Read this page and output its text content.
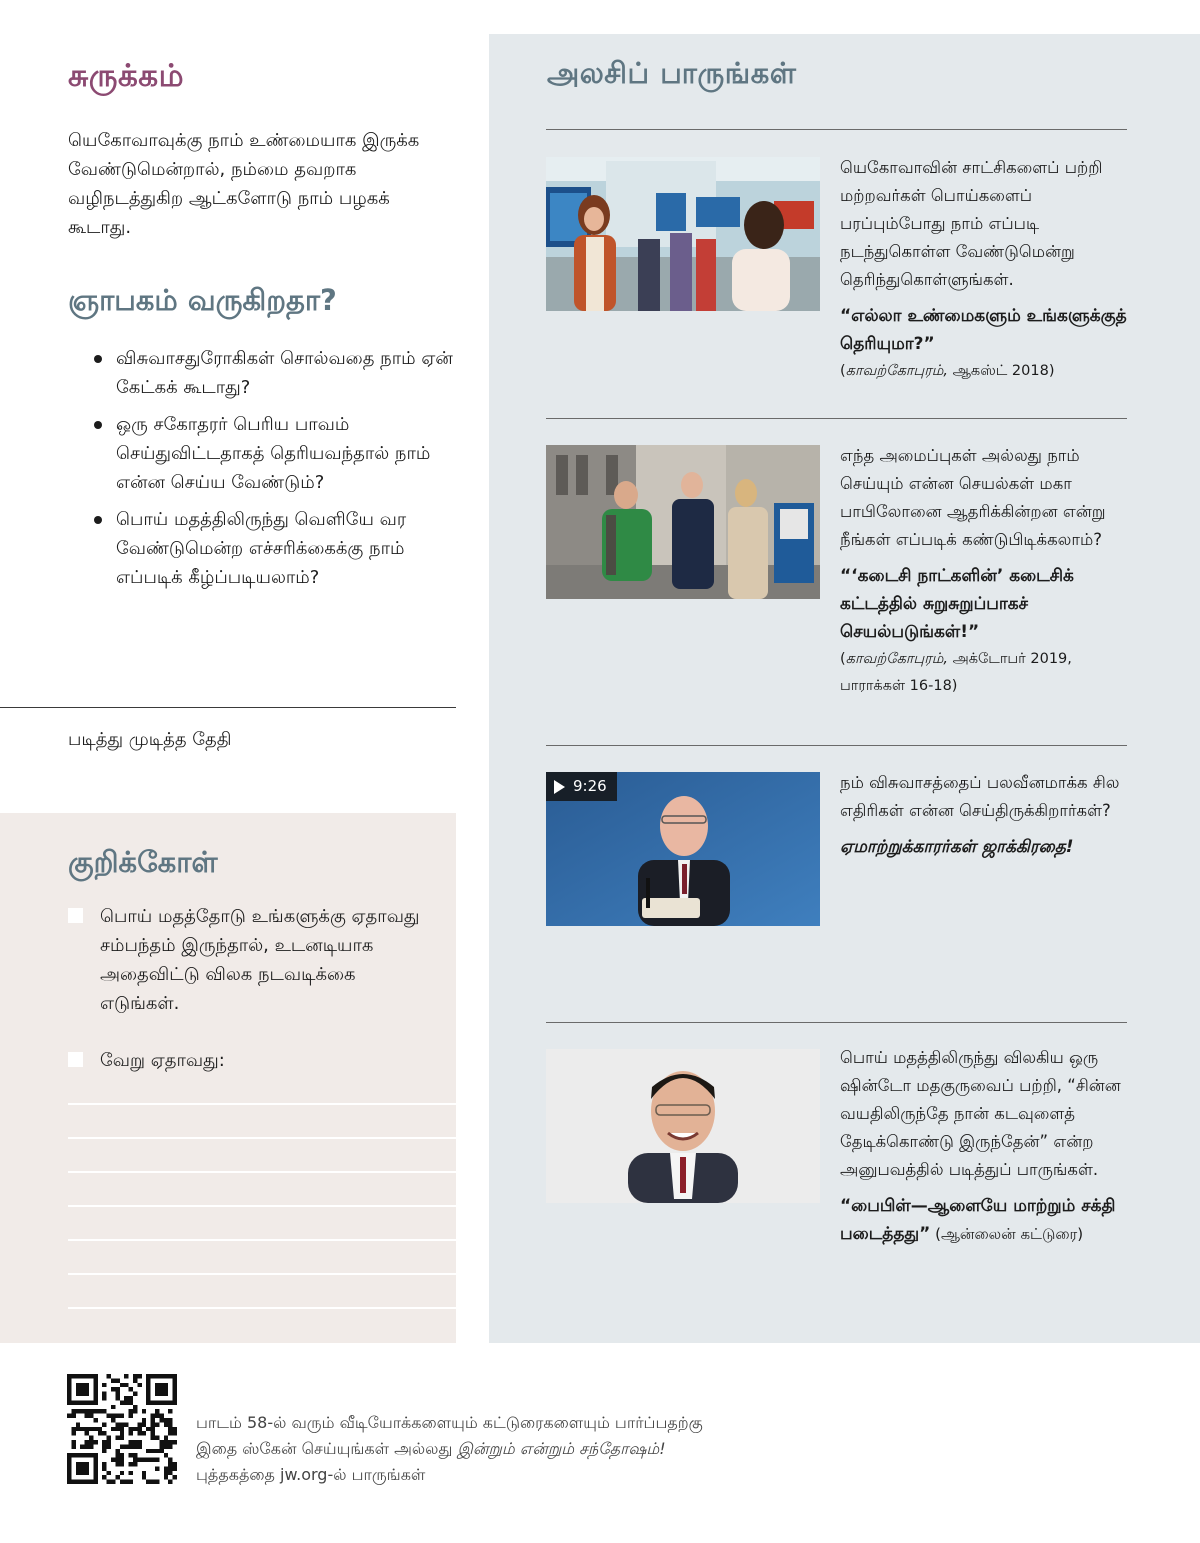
சுருக்கம்

யெகோவாவுக்கு நாம் உண்மையாக இருக்க வேண்டுமென்றால், நம்மை தவறாக வழிநடத்துகிற ஆட்களோடு நாம் பழகக் கூடாது.

ஞாபகம் வருகிறதா?
விசுவாசதுரோகிகள் சொல்வதை நாம் ஏன் கேட்கக் கூடாது?
ஒரு சகோதரர் பெரிய பாவம் செய்துவிட்டதாகத் தெரியவந்தால் நாம் என்ன செய்ய வேண்டும்?
பொய் மதத்திலிருந்து வெளியே வர வேண்டுமென்ற எச்சரிக்கைக்கு நாம் எப்படிக் கீழ்ப்படியலாம்?
படித்து முடித்த தேதி
குறிக்கோள்
பொய் மதத்தோடு உங்களுக்கு ஏதாவது சம்பந்தம் இருந்தால், உடனடியாக அதைவிட்டு விலக நடவடிக்கை எடுங்கள்.
வேறு ஏதாவது:
அலசிப் பாருங்கள்
யெகோவாவின் சாட்சிகளைப் பற்றி மற்றவர்கள் பொய்களைப் பரப்பும்போது நாம் எப்படி நடந்துகொள்ள வேண்டுமென்று தெரிந்துகொள்ளுங்கள்.
“எல்லா உண்மைகளும் உங்களுக்குத் தெரியுமா?”
(காவற்கோபுரம், ஆகஸ்ட் 2018)
எந்த அமைப்புகள் அல்லது நாம் செய்யும் என்ன செயல்கள் மகா பாபிலோனை ஆதரிக்கின்றன என்று நீங்கள் எப்படிக் கண்டுபிடிக்கலாம்?
“‘கடைசி நாட்களின்’ கடைசிக் கட்டத்தில் சுறுசுறுப்பாகச் செயல்படுங்கள்!”
(காவற்கோபுரம், அக்டோபர் 2019, பாராக்கள் 16-18)
9:26	நம் விசுவாசத்தைப் பலவீனமாக்க சில எதிரிகள் என்ன செய்திருக்கிறார்கள்?
ஏமாற்றுக்காரர்கள் ஜாக்கிரதை!
பொய் மதத்திலிருந்து விலகிய ஒரு ஷின்டோ மதகுருவைப் பற்றி, “சின்ன வயதிலிருந்தே நான் கடவுளைத் தேடிக்கொண்டு இருந்தேன்” என்ற அனுபவத்தில் படித்துப் பாருங்கள்.
“பைபிள்—ஆளையே மாற்றும் சக்தி படைத்தது” (ஆன்லைன் கட்டுரை)

பாடம் 58-ல் வரும் வீடியோக்களையும் கட்டுரைகளையும் பார்ப்பதற்கு இதை ஸ்கேன் செய்யுங்கள் அல்லது இன்றும் என்றும் சந்தோஷம்! புத்தகத்தை jw.org-ல் பாருங்கள்
